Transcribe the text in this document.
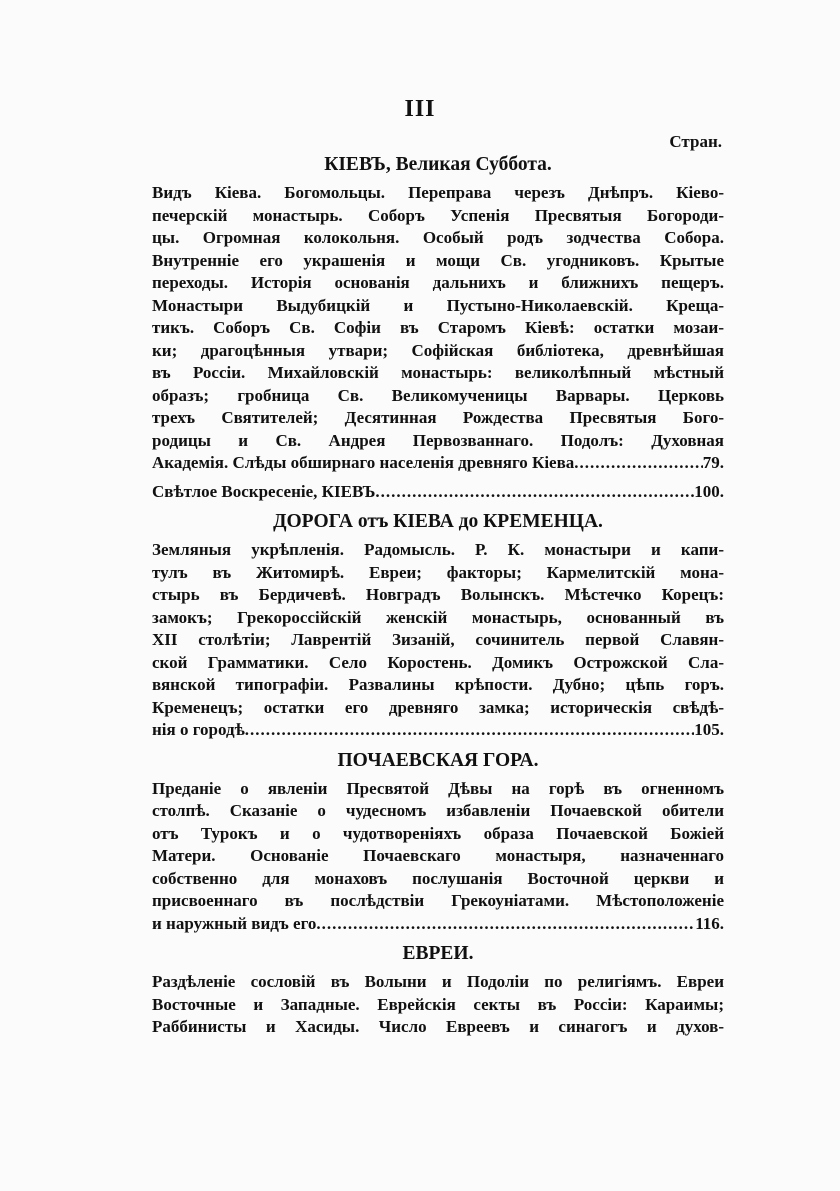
III
Стран.
КІЕВЪ, Великая Суббота.
Видъ Кіева. Богомольцы. Переправа черезъ Днѣпръ. Кіево-
печерскій монастырь. Соборъ Успенія Пресвятыя Богороди-
цы. Огромная колокольня. Особый родъ зодчества Собора.
Внутренніе его украшенія и мощи Св. угодниковъ. Крытые
переходы. Исторія основанія дальнихъ и ближнихъ пещеръ.
Монастыри Выдубицкій и Пустыно-Николаевскій. Креща-
тикъ. Соборъ Св. Софіи въ Старомъ Кіевѣ: остатки мозаи-
ки; драгоцѣнныя утвари; Софійская библіотека, древнѣйшая
въ Россіи. Михайловскій монастырь: великолѣпный мѣстный
образъ; гробница Св. Великомученицы Варвары. Церковь
трехъ Святителей; Десятинная Рождества Пресвятыя Бого-
родицы и Св. Андрея Первозваннаго. Подолъ: Духовная
Академія. Слѣды обширнаго населенія древняго Кіева .....	79.
Свѣтлое Воскресеніе, КІЕВЪ .....	100.
ДОРОГА отъ КІЕВА до КРЕМЕНЦА.
Земляныя укрѣпленія. Радомысль. Р. К. монастыри и капи-
тулъ въ Житомирѣ. Евреи; факторы; Кармелитскій мона-
стырь въ Бердичевѣ. Новградъ Волынскъ. Мѣстечко Корецъ:
замокъ; Грекороссійскій женскій монастырь, основанный въ
XII столѣтіи; Лаврентій Зизаній, сочинитель первой Славян-
ской Грамматики. Село Коростень. Домикъ Острожской Сла-
вянской типографіи. Развалины крѣпости. Дубно; цѣпь горъ.
Кременецъ; остатки его древняго замка; историческія свѣдѣ-
нія о городѣ .....	105.
ПОЧАЕВСКАЯ ГОРА.
Преданіе о явленіи Пресвятой Дѣвы на горѣ въ огненномъ
столпѣ. Сказаніе о чудесномъ избавленіи Почаевской обители
отъ Турокъ и о чудотвореніяхъ образа Почаевской Божіей
Матери. Основаніе Почаевскаго монастыря, назначеннаго
собственно для монаховъ послушанія Восточной церкви и
присвоеннаго въ послѣдствіи Грекоуніатами. Мѣстоположеніе
и наружный видъ его .....	116.
ЕВРЕИ.
Раздѣленіе сословій въ Волыни и Подоліи по религіямъ. Евреи
Восточные и Западные. Еврейскія секты въ Россіи: Караимы;
Раббинисты и Хасиды. Число Евреевъ и синагогъ и духов-
